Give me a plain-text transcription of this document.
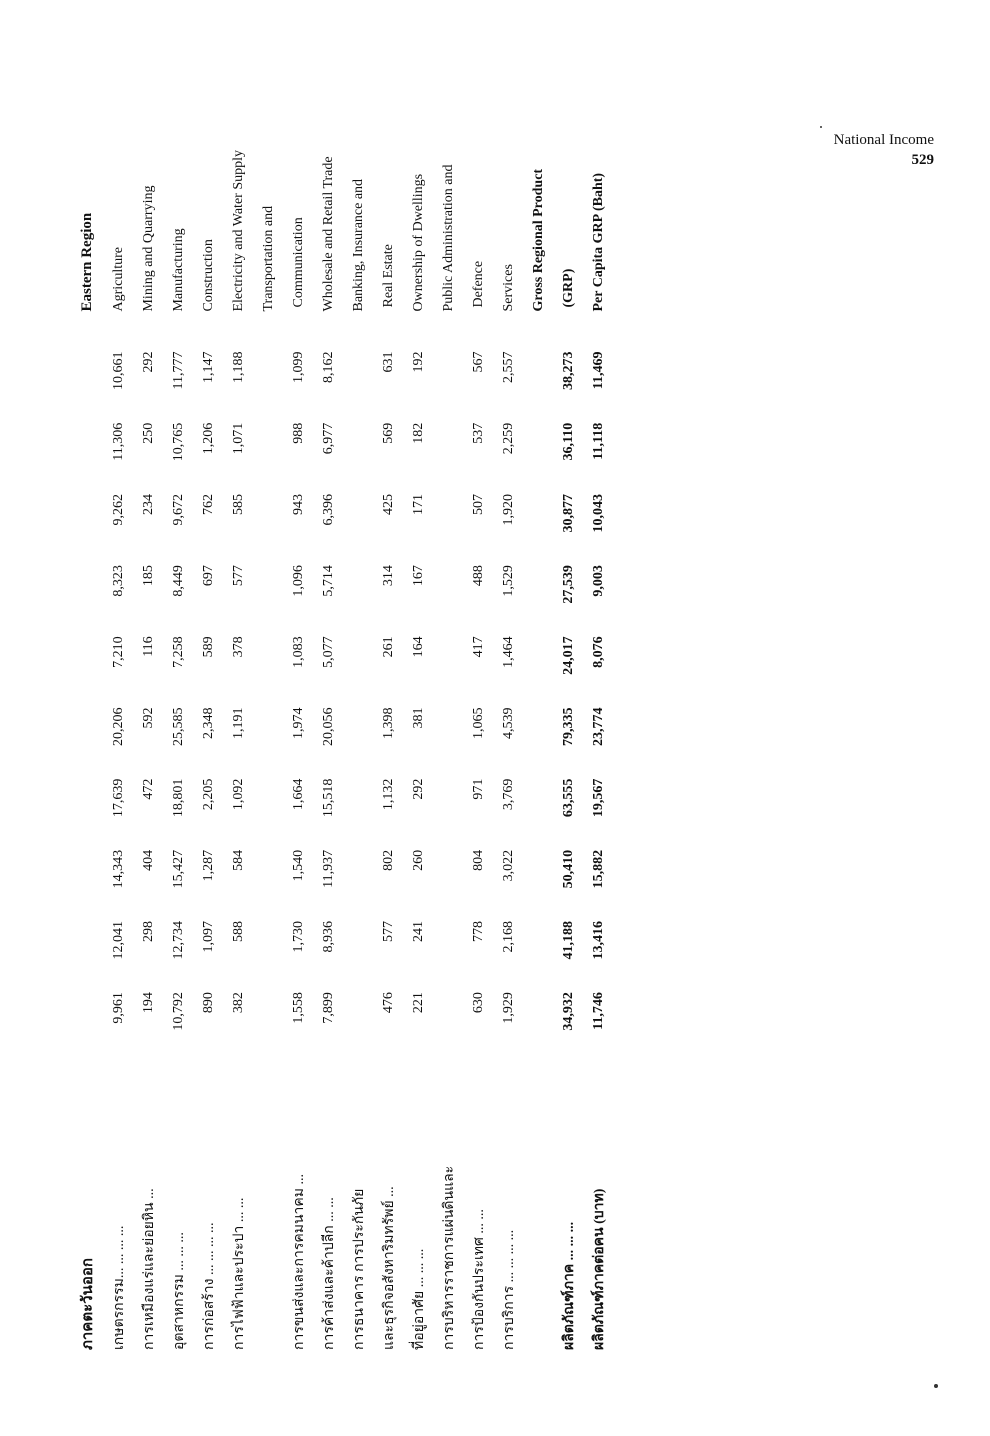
National Income
529
ภาคตะวันออก											Eastern Region
เกษตรกรรม... ... ... ...	9,961	12,041	14,343	17,639	20,206	7,210	8,323	9,262	11,306	10,661	Agriculture
การเหมืองแร่และย่อยหิน ...	194	298	404	472	592	116	185	234	250	292	Mining and Quarrying
อุตสาหกรรม ... ... ...	10,792	12,734	15,427	18,801	25,585	7,258	8,449	9,672	10,765	11,777	Manufacturing
การก่อสร้าง ... ... ... ...	890	1,097	1,287	2,205	2,348	589	697	762	1,206	1,147	Construction
การไฟฟ้าและประปา ... ...	382	588	584	1,092	1,191	378	577	585	1,071	1,188	Electricity and Water Supply
											Transportation and
การขนส่งและการคมนาคม ...	1,558	1,730	1,540	1,664	1,974	1,083	1,096	943	988	1,099	Communication
การค้าส่งและค้าปลีก ... ...	7,899	8,936	11,937	15,518	20,056	5,077	5,714	6,396	6,977	8,162	Wholesale and Retail Trade
การธนาคาร การประกันภัย											Banking, Insurance and
และธุรกิจอสังหาริมทรัพย์ ...	476	577	802	1,132	1,398	261	314	425	569	631	Real Estate
ที่อยู่อาศัย ... ... ...	221	241	260	292	381	164	167	171	182	192	Ownership of Dwellings
การบริหารราชการแผ่นดินและ											Public Administration and
การป้องกันประเทศ ... ...	630	778	804	971	1,065	417	488	507	537	567	Defence
การบริการ ... ... ... ...	1,929	2,168	3,022	3,769	4,539	1,464	1,529	1,920	2,259	2,557	Services
											Gross Regional Product
ผลิตภัณฑ์ภาค ... ... ...	34,932	41,188	50,410	63,555	79,335	24,017	27,539	30,877	36,110	38,273	(GRP)
ผลิตภัณฑ์ภาคต่อคน (บาท)	11,746	13,416	15,882	19,567	23,774	8,076	9,003	10,043	11,118	11,469	Per Capita GRP (Baht)
